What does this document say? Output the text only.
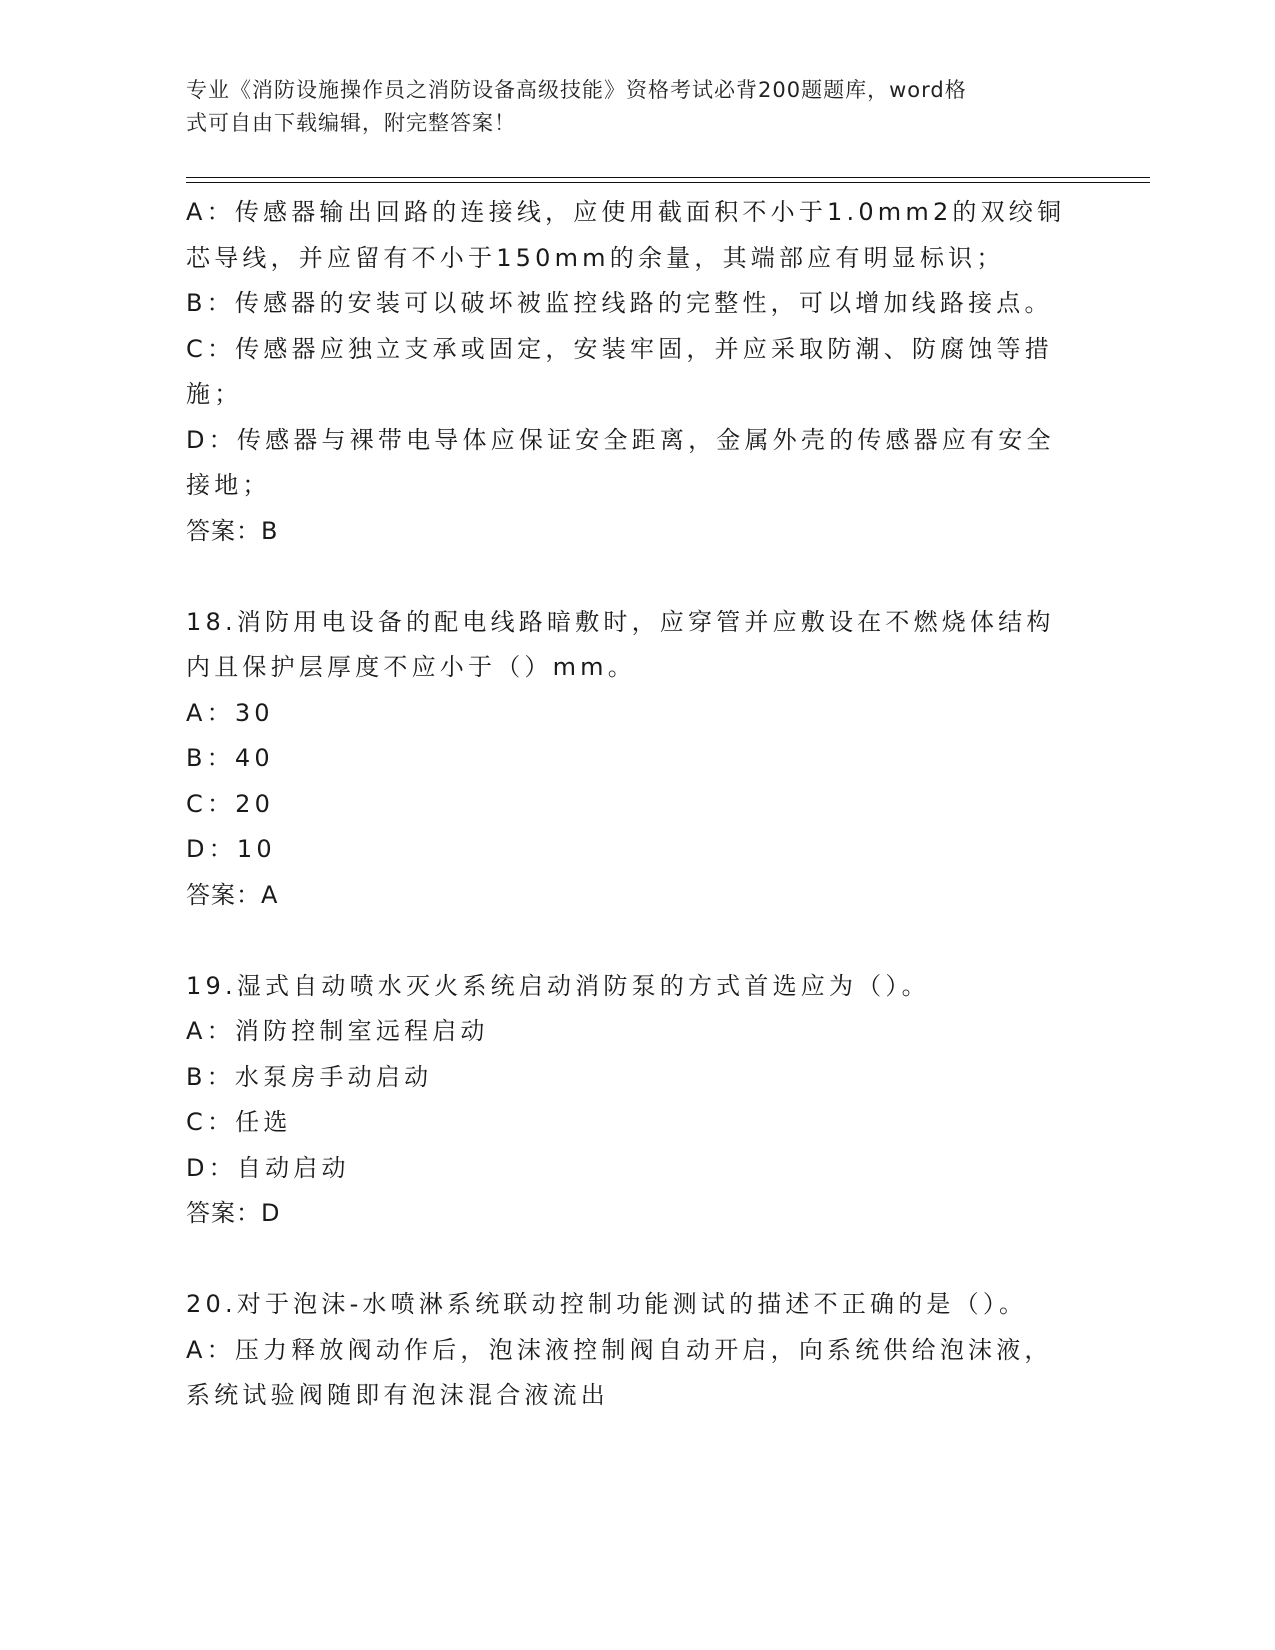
专业《消防设施操作员之消防设备高级技能》资格考试必背200题题库，word格
式可自由下载编辑，附完整答案！
A：传感器输出回路的连接线，应使用截面积不小于1.0mm2的双绞铜
芯导线，并应留有不小于150mm的余量，其端部应有明显标识；
B：传感器的安装可以破坏被监控线路的完整性，可以增加线路接点。
C：传感器应独立支承或固定，安装牢固，并应采取防潮、防腐蚀等措
施；
D：传感器与裸带电导体应保证安全距离，金属外壳的传感器应有安全
接地；
答案：B
18.消防用电设备的配电线路暗敷时，应穿管并应敷设在不燃烧体结构
内且保护层厚度不应小于（）mm。
A：30
B：40
C：20
D：10
答案：A
19.湿式自动喷水灭火系统启动消防泵的方式首选应为（）。
A：消防控制室远程启动
B：水泵房手动启动
C：任选
D：自动启动
答案：D
20.对于泡沫-水喷淋系统联动控制功能测试的描述不正确的是（）。
A：压力释放阀动作后，泡沫液控制阀自动开启，向系统供给泡沫液，
系统试验阀随即有泡沫混合液流出
